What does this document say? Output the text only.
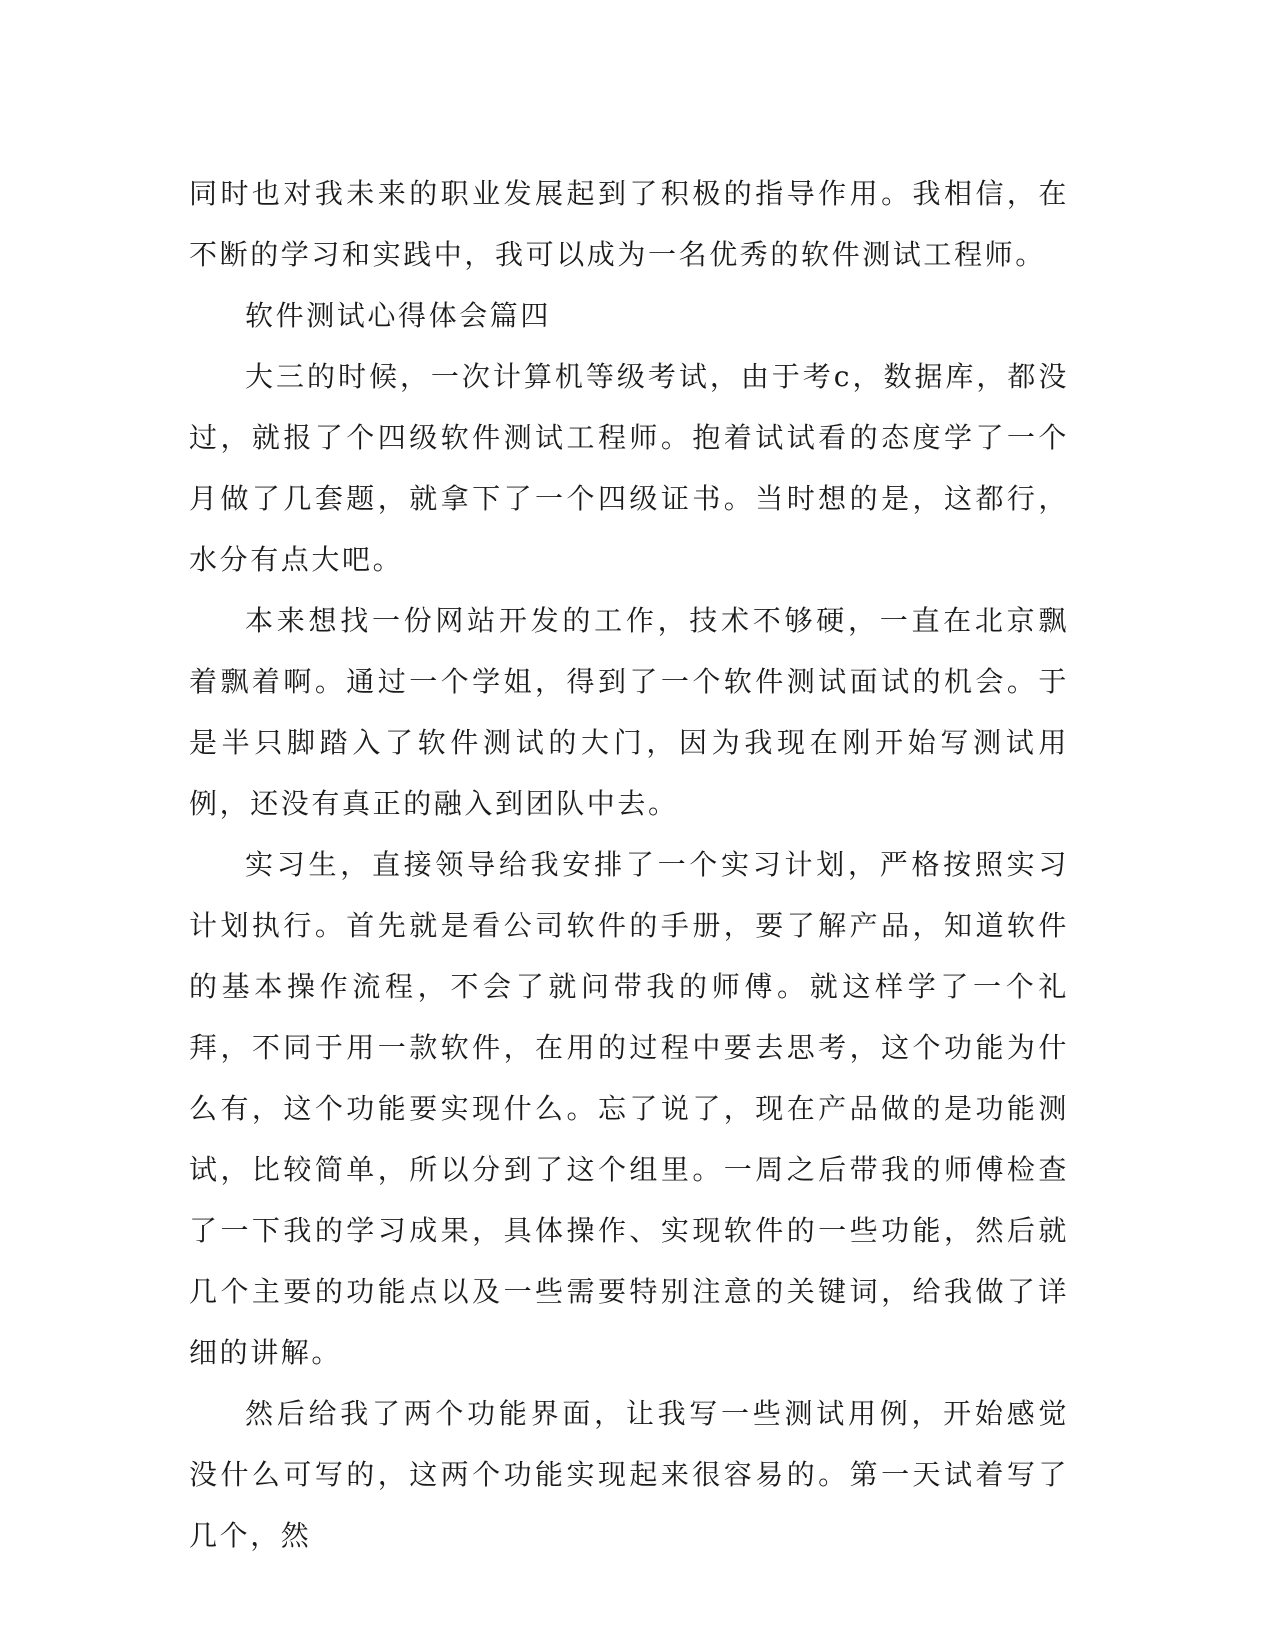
同时也对我未来的职业发展起到了积极的指导作用。我相信，在不断的学习和实践中，我可以成为一名优秀的软件测试工程师。

软件测试心得体会篇四

大三的时候，一次计算机等级考试，由于考c，数据库，都没过，就报了个四级软件测试工程师。抱着试试看的态度学了一个月做了几套题，就拿下了一个四级证书。当时想的是，这都行，水分有点大吧。

本来想找一份网站开发的工作，技术不够硬，一直在北京飘着飘着啊。通过一个学姐，得到了一个软件测试面试的机会。于是半只脚踏入了软件测试的大门，因为我现在刚开始写测试用例，还没有真正的融入到团队中去。

实习生，直接领导给我安排了一个实习计划，严格按照实习计划执行。首先就是看公司软件的手册，要了解产品，知道软件的基本操作流程，不会了就问带我的师傅。就这样学了一个礼拜，不同于用一款软件，在用的过程中要去思考，这个功能为什么有，这个功能要实现什么。忘了说了，现在产品做的是功能测试，比较简单，所以分到了这个组里。一周之后带我的师傅检查了一下我的学习成果，具体操作、实现软件的一些功能，然后就几个主要的功能点以及一些需要特别注意的关键词，给我做了详细的讲解。

然后给我了两个功能界面，让我写一些测试用例，开始感觉没什么可写的，这两个功能实现起来很容易的。第一天试着写了几个，然
